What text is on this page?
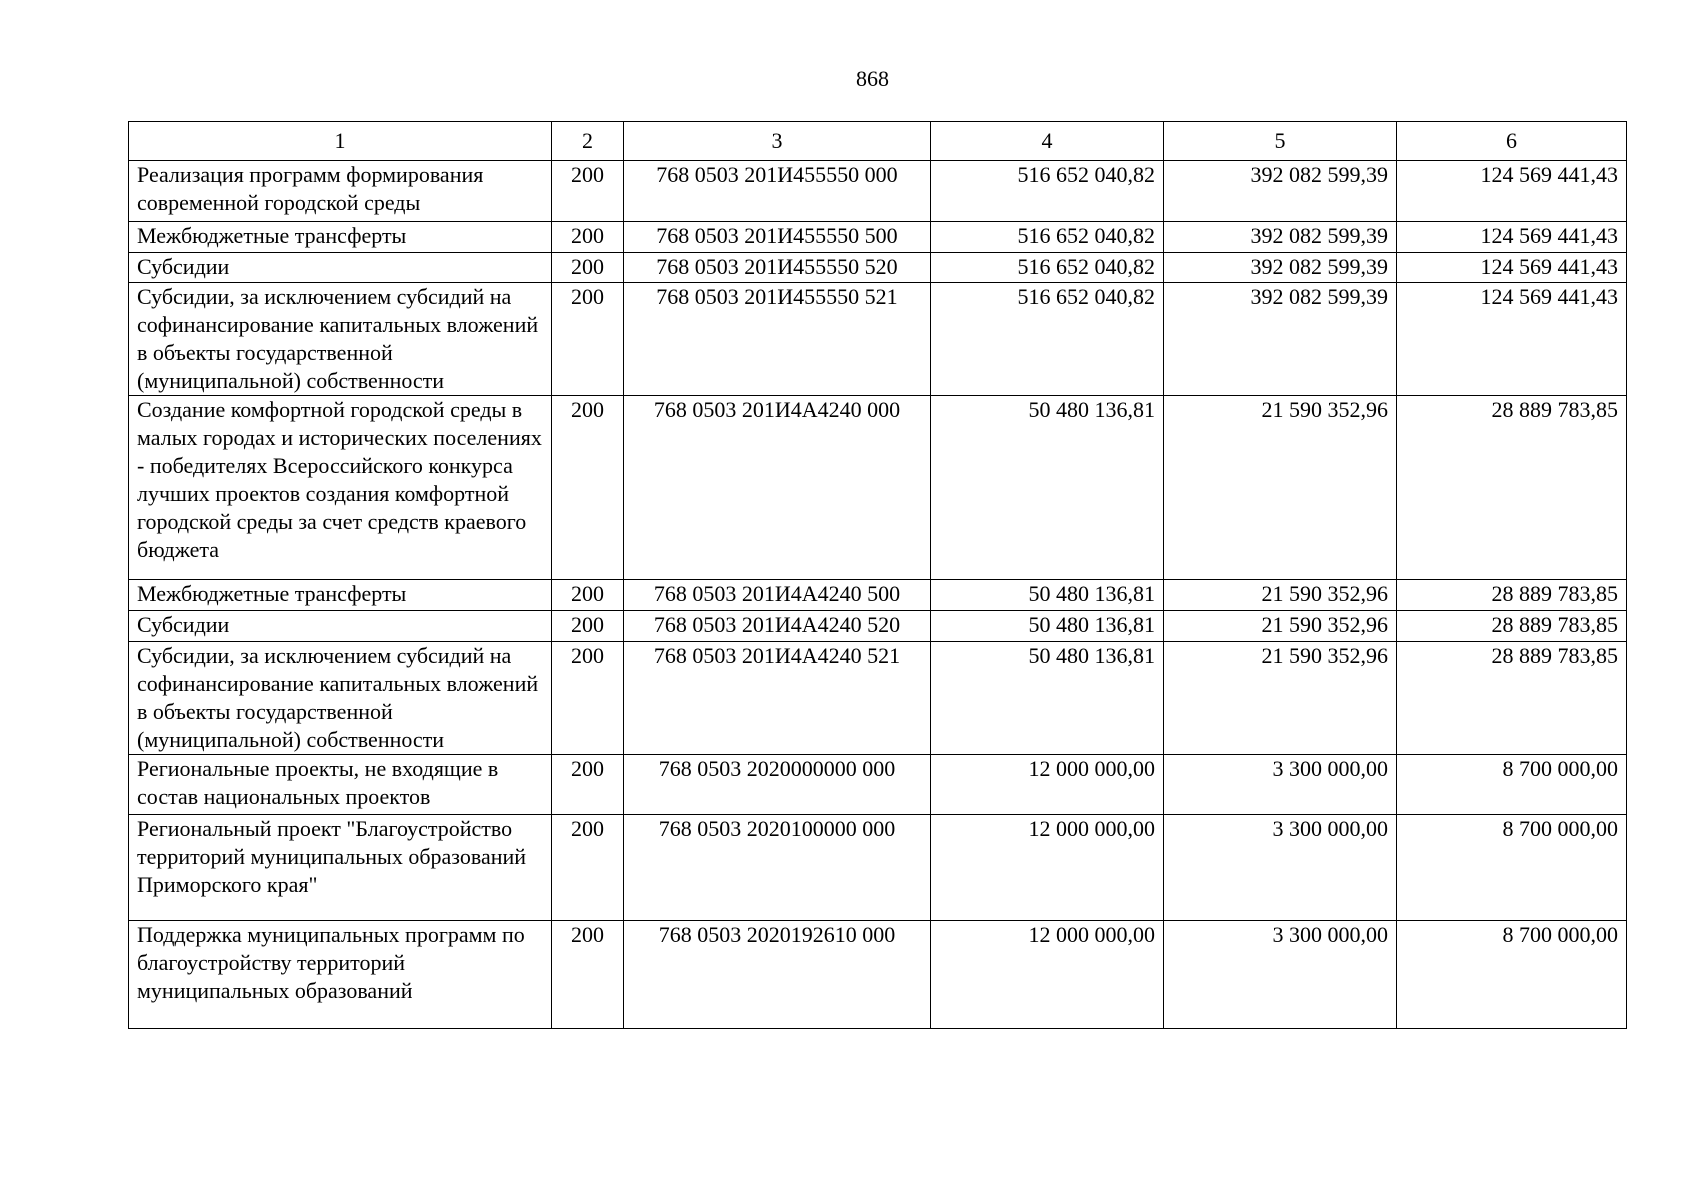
868
1	2	3	4	5	6
Реализация программ формирования современной городской среды	200	768 0503 201И455550 000	516 652 040,82	392 082 599,39	124 569 441,43
Межбюджетные трансферты	200	768 0503 201И455550 500	516 652 040,82	392 082 599,39	124 569 441,43
Субсидии	200	768 0503 201И455550 520	516 652 040,82	392 082 599,39	124 569 441,43
Субсидии, за исключением субсидий на софинансирование капитальных вложений в объекты государственной (муниципальной) собственности	200	768 0503 201И455550 521	516 652 040,82	392 082 599,39	124 569 441,43
Создание комфортной городской среды в малых городах и исторических поселениях - победителях Всероссийского конкурса лучших проектов создания комфортной городской среды за счет средств краевого бюджета	200	768 0503 201И4А4240 000	50 480 136,81	21 590 352,96	28 889 783,85
Межбюджетные трансферты	200	768 0503 201И4А4240 500	50 480 136,81	21 590 352,96	28 889 783,85
Субсидии	200	768 0503 201И4А4240 520	50 480 136,81	21 590 352,96	28 889 783,85
Субсидии, за исключением субсидий на софинансирование капитальных вложений в объекты государственной (муниципальной) собственности	200	768 0503 201И4А4240 521	50 480 136,81	21 590 352,96	28 889 783,85
Региональные проекты, не входящие в состав национальных проектов	200	768 0503 2020000000 000	12 000 000,00	3 300 000,00	8 700 000,00
Региональный проект "Благоустройство территорий муниципальных образований Приморского края"	200	768 0503 2020100000 000	12 000 000,00	3 300 000,00	8 700 000,00
Поддержка муниципальных программ по благоустройству территорий муниципальных образований	200	768 0503 2020192610 000	12 000 000,00	3 300 000,00	8 700 000,00
